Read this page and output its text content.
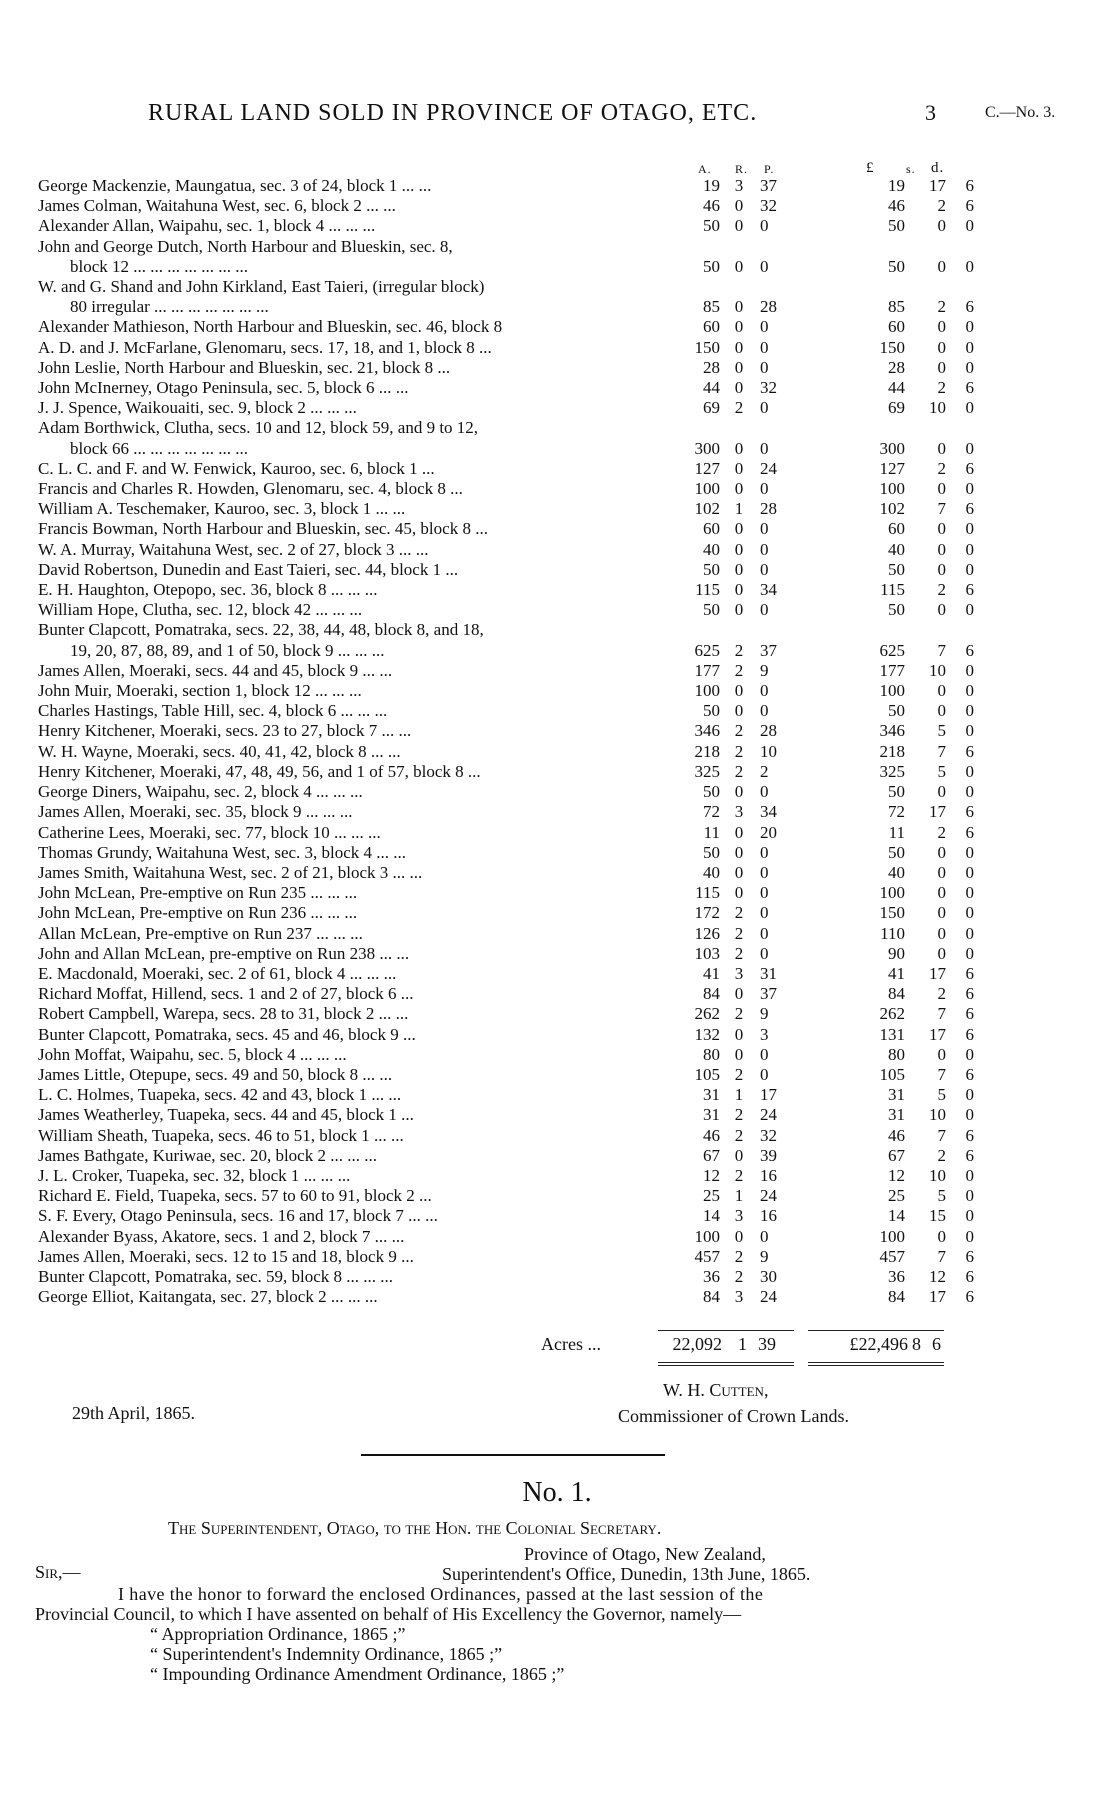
RURAL LAND SOLD IN PROVINCE OF OTAGO, ETC.	3	C.—No. 3.
A. R. P.	£	s. d.
George Mackenzie, Maungatua, sec. 3 of 24, block 1 ... ...	19 3 37	19 17 6
James Colman, Waitahuna West, sec. 6, block 2 ... ...	46 0 32	46 2 6
Alexander Allan, Waipahu, sec. 1, block 4 ... ... ...	50 0 0	50 0 0
John and George Dutch, North Harbour and Blueskin, sec. 8,
block 12 ... ... ... ... ... ... ...	50 0 0	50 0 0
W. and G. Shand and John Kirkland, East Taieri, (irregular block)
80 irregular ... ... ... ... ... ... ...	85 0 28	85 2 6
Alexander Mathieson, North Harbour and Blueskin, sec. 46, block 8	60 0 0	60 0 0
A. D. and J. McFarlane, Glenomaru, secs. 17, 18, and 1, block 8 ...	150 0 0	150 0 0
John Leslie, North Harbour and Blueskin, sec. 21, block 8 ...	28 0 0	28 0 0
John McInerney, Otago Peninsula, sec. 5, block 6 ... ...	44 0 32	44 2 6
J. J. Spence, Waikouaiti, sec. 9, block 2 ... ... ...	69 2 0	69 10 0
Adam Borthwick, Clutha, secs. 10 and 12, block 59, and 9 to 12,
block 66 ... ... ... ... ... ... ...	300 0 0	300 0 0
C. L. C. and F. and W. Fenwick, Kauroo, sec. 6, block 1 ...	127 0 24	127 2 6
Francis and Charles R. Howden, Glenomaru, sec. 4, block 8 ...	100 0 0	100 0 0
William A. Teschemaker, Kauroo, sec. 3, block 1 ... ...	102 1 28	102 7 6
Francis Bowman, North Harbour and Blueskin, sec. 45, block 8 ...	60 0 0	60 0 0
W. A. Murray, Waitahuna West, sec. 2 of 27, block 3 ... ...	40 0 0	40 0 0
David Robertson, Dunedin and East Taieri, sec. 44, block 1 ...	50 0 0	50 0 0
E. H. Haughton, Otepopo, sec. 36, block 8 ... ... ...	115 0 34	115 2 6
William Hope, Clutha, sec. 12, block 42 ... ... ...	50 0 0	50 0 0
Bunter Clapcott, Pomatraka, secs. 22, 38, 44, 48, block 8, and 18,
19, 20, 87, 88, 89, and 1 of 50, block 9 ... ... ...	625 2 37	625 7 6
James Allen, Moeraki, secs. 44 and 45, block 9 ... ...	177 2 9	177 10 0
John Muir, Moeraki, section 1, block 12 ... ... ...	100 0 0	100 0 0
Charles Hastings, Table Hill, sec. 4, block 6 ... ... ...	50 0 0	50 0 0
Henry Kitchener, Moeraki, secs. 23 to 27, block 7 ... ...	346 2 28	346 5 0
W. H. Wayne, Moeraki, secs. 40, 41, 42, block 8 ... ...	218 2 10	218 7 6
Henry Kitchener, Moeraki, 47, 48, 49, 56, and 1 of 57, block 8 ...	325 2 2	325 5 0
George Diners, Waipahu, sec. 2, block 4 ... ... ...	50 0 0	50 0 0
James Allen, Moeraki, sec. 35, block 9 ... ... ...	72 3 34	72 17 6
Catherine Lees, Moeraki, sec. 77, block 10 ... ... ...	11 0 20	11 2 6
Thomas Grundy, Waitahuna West, sec. 3, block 4 ... ...	50 0 0	50 0 0
James Smith, Waitahuna West, sec. 2 of 21, block 3 ... ...	40 0 0	40 0 0
John McLean, Pre-emptive on Run 235 ... ... ...	115 0 0	100 0 0
John McLean, Pre-emptive on Run 236 ... ... ...	172 2 0	150 0 0
Allan McLean, Pre-emptive on Run 237 ... ... ...	126 2 0	110 0 0
John and Allan McLean, pre-emptive on Run 238 ... ...	103 2 0	90 0 0
E. Macdonald, Moeraki, sec. 2 of 61, block 4 ... ... ...	41 3 31	41 17 6
Richard Moffat, Hillend, secs. 1 and 2 of 27, block 6 ...	84 0 37	84 2 6
Robert Campbell, Warepa, secs. 28 to 31, block 2 ... ...	262 2 9	262 7 6
Bunter Clapcott, Pomatraka, secs. 45 and 46, block 9 ...	132 0 3	131 17 6
John Moffat, Waipahu, sec. 5, block 4 ... ... ...	80 0 0	80 0 0
James Little, Otepupe, secs. 49 and 50, block 8 ... ...	105 2 0	105 7 6
L. C. Holmes, Tuapeka, secs. 42 and 43, block 1 ... ...	31 1 17	31 5 0
James Weatherley, Tuapeka, secs. 44 and 45, block 1 ...	31 2 24	31 10 0
William Sheath, Tuapeka, secs. 46 to 51, block 1 ... ...	46 2 32	46 7 6
James Bathgate, Kuriwae, sec. 20, block 2 ... ... ...	67 0 39	67 2 6
J. L. Croker, Tuapeka, sec. 32, block 1 ... ... ...	12 2 16	12 10 0
Richard E. Field, Tuapeka, secs. 57 to 60 to 91, block 2 ...	25 1 24	25 5 0
S. F. Every, Otago Peninsula, secs. 16 and 17, block 7 ... ...	14 3 16	14 15 0
Alexander Byass, Akatore, secs. 1 and 2, block 7 ... ...	100 0 0	100 0 0
James Allen, Moeraki, secs. 12 to 15 and 18, block 9 ...	457 2 9	457 7 6
Bunter Clapcott, Pomatraka, sec. 59, block 8 ... ... ...	36 2 30	36 12 6
George Elliot, Kaitangata, sec. 27, block 2 ... ... ...	84 3 24	84 17 6
Acres ...	22,092 1 39	£22,496 8 6
29th April, 1865.
W. H. Cutten,
Commissioner of Crown Lands.
No. 1.
The Superintendent, Otago, to the Hon. the Colonial Secretary.
Province of Otago, New Zealand,
Sir,—	Superintendent's Office, Dunedin, 13th June, 1865.
I have the honor to forward the enclosed Ordinances, passed at the last session of the
Provincial Council, to which I have assented on behalf of His Excellency the Governor, namely—
“ Appropriation Ordinance, 1865 ;”
“ Superintendent's Indemnity Ordinance, 1865 ;”
“ Impounding Ordinance Amendment Ordinance, 1865 ;”
